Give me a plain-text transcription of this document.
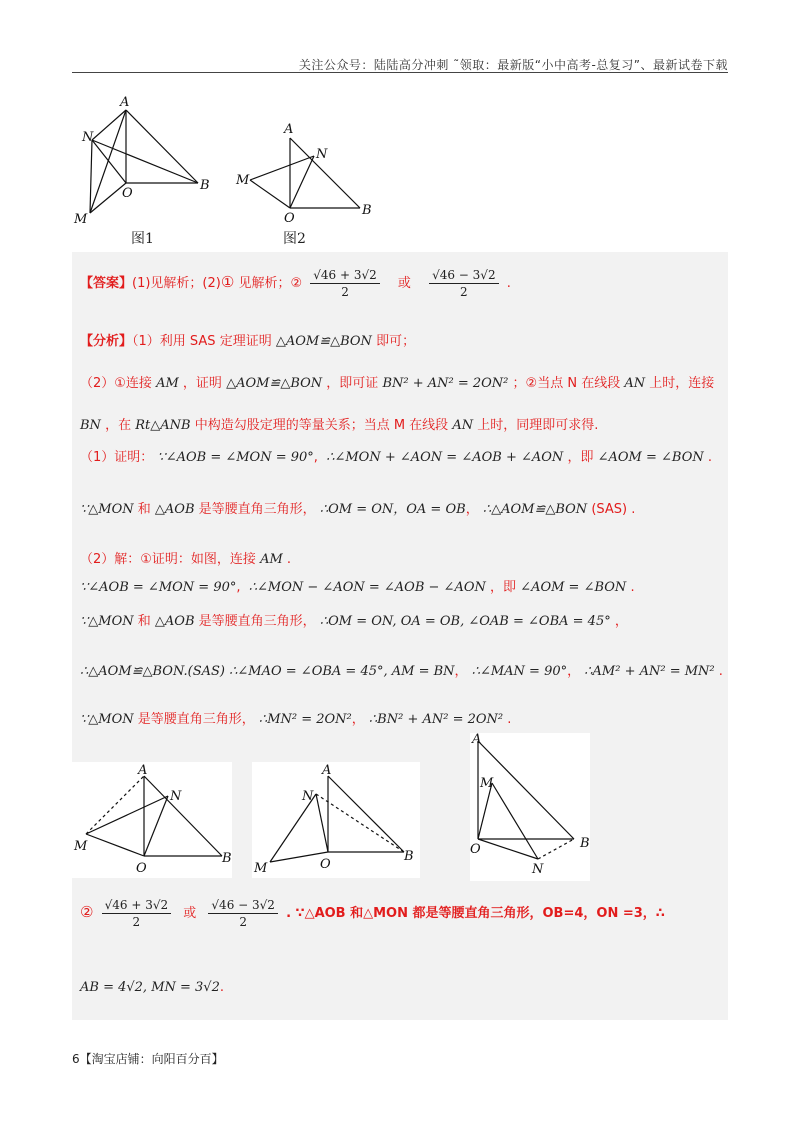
关注公众号：陆陆高分冲刺 ˜领取：最新版“小中高考-总复习”、最新试卷下载
A
N
O
B
M
图1
A
N
M
O
B
图2
【答案】(1)见解析；(2)① 见解析；② $\frac{√46 + 3√2}{2}$ 或 $\frac{√46 - 3√2}{2}$ .
【分析】（1）利用 SAS 定理证明 △AOM≌△BON 即可；
（2）①连接 AM ，证明 △AOM≌△BON ，即可证 BN² + AN² = 2ON² ；②当点 N 在线段 AN 上时，连接
BN ，在 Rt△ANB 中构造勾股定理的等量关系；当点 M 在线段 AN 上时，同理即可求得.
（1）证明： ∵∠AOB = ∠MON = 90°,  ∴∠MON + ∠AON = ∠AOB + ∠AON ，即 ∠AOM = ∠BON .
∵△MON 和 △AOB 是等腰直角三角形， ∴OM = ON，OA = OB， ∴△AOM≌△BON (SAS) .
（2）解：①证明：如图，连接 AM .
∵∠AOB = ∠MON = 90°,  ∴∠MON − ∠AON = ∠AOB − ∠AON ，即 ∠AOM = ∠BON .
∵△MON 和 △AOB 是等腰直角三角形， ∴OM = ON, OA = OB, ∠OAB = ∠OBA = 45° ，
∴△AOM≌△BON.(SAS) ∴∠MAO = ∠OBA = 45°, AM = BN， ∴∠MAN = 90°， ∴AM² + AN² = MN² .
∵△MON 是等腰直角三角形， ∴MN² = 2ON²， ∴BN² + AN² = 2ON² .
A
N
M
O
B
A
N
M	O
B
A
M
O	B
N
② $\frac{√46 + 3√2}{2}$ 或 $\frac{√46 - 3√2}{2}$ . ∵△AOB 和△MON 都是等腰直角三角形，OB=4，ON =3，∴
AB = 4√2, MN = 3√2.
6【淘宝店铺：向阳百分百】
